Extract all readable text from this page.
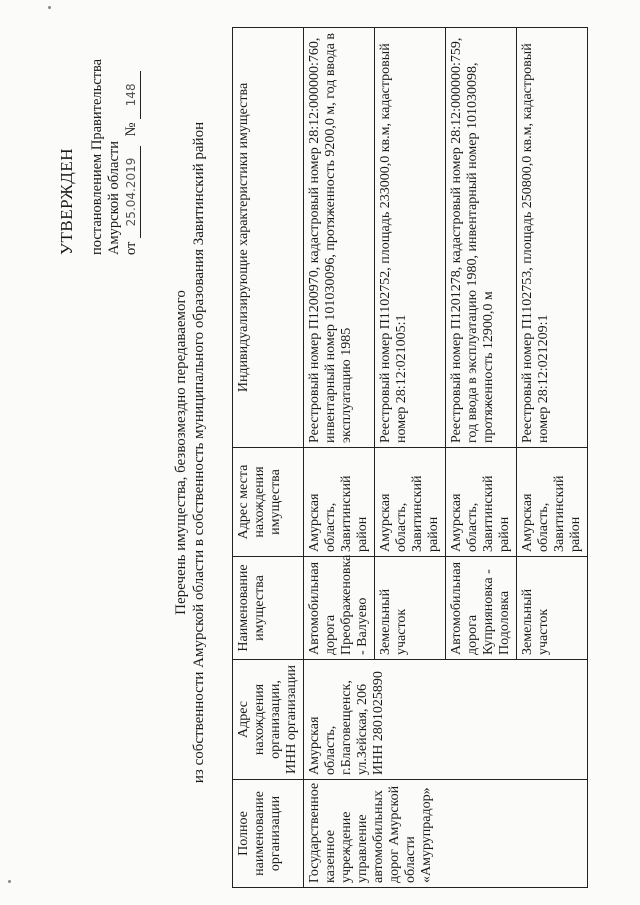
УТВЕРЖДЕН постановлением Правительства Амурской области от 25.04.2019 № 148
Перечень имущества, безвозмездно передаваемого из собственности Амурской области в собственность муниципального образования Завитинский район
Полное наименование организации	Адрес нахождения организации, ИНН организации	Наименование имущества	Адрес места нахождения имущества	Индивидуализирующие характеристики имущества
Государственное казенное учреждение управление автомобильных дорог Амурской области «Амурупрадор»	Амурская область, г.Благовещенск, ул.Зейская, 206 ИНН 2801025890	Автомобильная дорога Преображеновка - Валуево	Амурская область, Завитинский район	Реестровый номер П1200970, кадастровый номер 28:12:000000:760, инвентарный номер 101030096, протяженность 9200,0 м, год ввода в эксплуатацию 1985
		Земельный участок	Амурская область, Завитинский район	Реестровый номер П1102752, площадь 233000,0 кв.м, кадастровый номер 28:12:021005:1
		Автомобильная дорога Куприяновка - Подоловка	Амурская область, Завитинский район	Реестровый номер П1201278, кадастровый номер 28:12:000000:759, год ввода в эксплуатацию 1980, инвентарный номер 101030098, протяженность 12900,0 м
		Земельный участок	Амурская область, Завитинский район	Реестровый номер П1102753, площадь 250800,0 кв.м, кадастровый номер 28:12:021209:1
